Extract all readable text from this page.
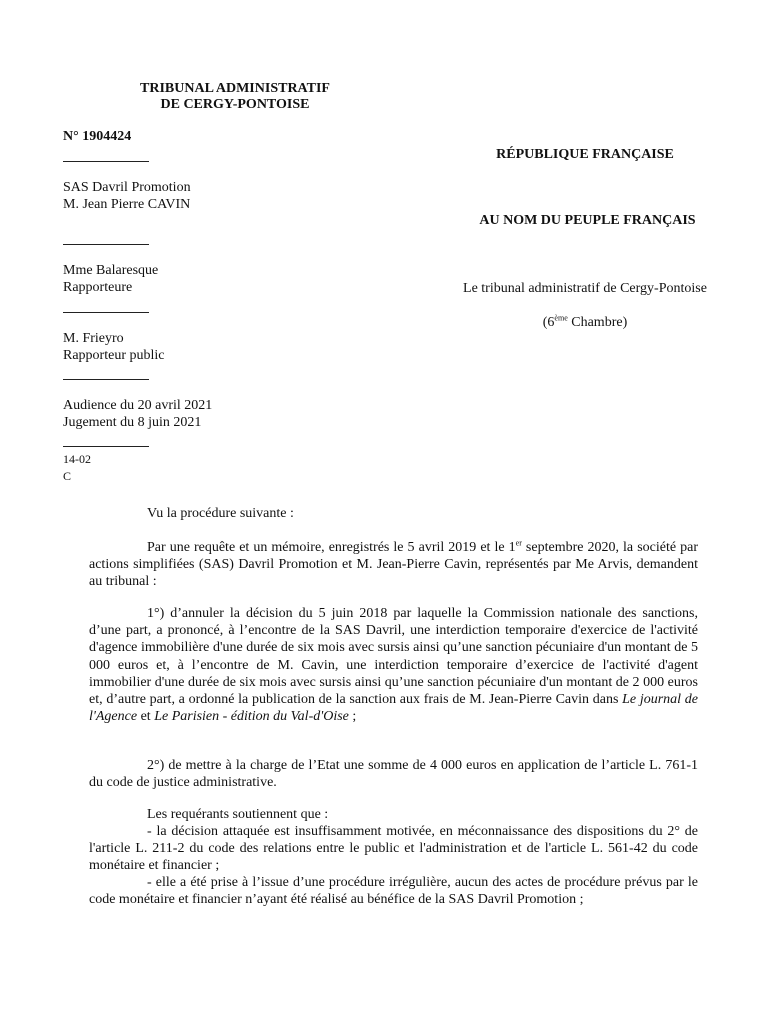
TRIBUNAL ADMINISTRATIF
DE CERGY-PONTOISE
N° 1904424
SAS Davril Promotion
M. Jean Pierre CAVIN
Mme Balaresque
Rapporteure
M. Frieyro
Rapporteur public
Audience du 20 avril 2021
Jugement du 8 juin 2021
14-02
C
RÉPUBLIQUE FRANÇAISE
AU NOM DU PEUPLE FRANÇAIS
Le tribunal administratif de Cergy-Pontoise
(6ème Chambre)
Vu la procédure suivante :

Par une requête et un mémoire, enregistrés le 5 avril 2019 et le 1er septembre 2020, la société par actions simplifiées (SAS) Davril Promotion et M. Jean-Pierre Cavin, représentés par Me Arvis, demandent au tribunal :

1°) d’annuler la décision du 5 juin 2018 par laquelle la Commission nationale des sanctions, d’une part, a prononcé, à l’encontre de la SAS Davril, une interdiction temporaire d'exercice de l'activité d'agence immobilière d'une durée de six mois avec sursis ainsi qu’une sanction pécuniaire d'un montant de 5 000 euros et, à l’encontre de M. Cavin, une interdiction temporaire d’exercice de l'activité d'agent immobilier d'une durée de six mois avec sursis ainsi qu’une sanction pécuniaire d'un montant de 2 000 euros et, d’autre part, a ordonné la publication de la sanction aux frais de M. Jean-Pierre Cavin dans Le journal de l'Agence et Le Parisien - édition du Val-d'Oise ;

2°) de mettre à la charge de l’Etat une somme de 4 000 euros en application de l’article L. 761-1 du code de justice administrative.

Les requérants soutiennent que :

- la décision attaquée est insuffisamment motivée, en méconnaissance des dispositions du 2° de l'article L. 211-2 du code des relations entre le public et l'administration et de l'article L. 561-42 du code monétaire et financier ;

- elle a été prise à l’issue d’une procédure irrégulière, aucun des actes de procédure prévus par le code monétaire et financier n’ayant été réalisé au bénéfice de la SAS Davril Promotion ;
